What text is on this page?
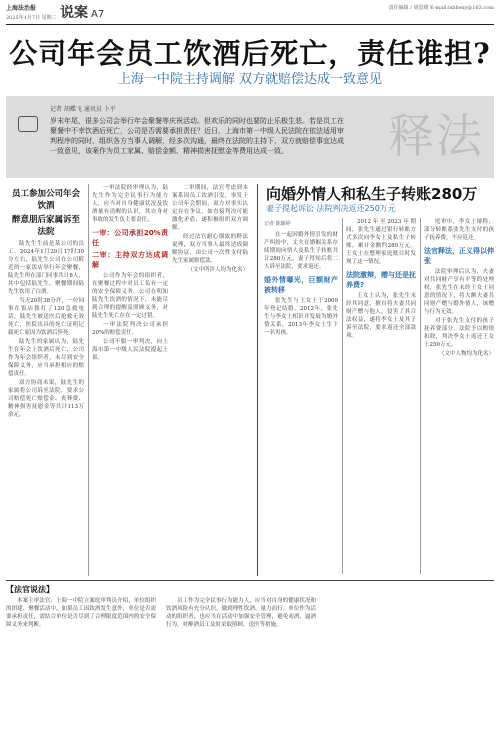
上海法治报
2025年1月7日 星期二 说案 A7
责任编辑 / 胡思绪 E-mail:lsbhexy@163.com
公司年会员工饮酒后死亡，责任谁担?
上海一中院主持调解 双方就赔偿达成一致意见
记者 胡蝶飞 通讯员 卜平
岁末年尾，很多公司会举行年会聚餐等庆祝活动。但欢乐的同时也要防止乐极生悲。若是员工在聚餐中不幸饮酒后死亡，公司是否需要承担责任？近日，上海市第一中级人民法院在依法适用审判程序的同时，组织各方当事人调解，经多次沟通，最终在法院的主持下，双方就赔偿事宜达成一致意见，该案作为员工家属、赔偿金额、精神损害抚慰金等费用达成一致。	释法
员工参加公司年会饮酒
醉意朋后家属诉至法院

陆先生生前是某公司的员工。2024年1月29日17时30分左右，陆先生公司在公司附近的一家饭店举行年会聚餐，陆先生所在部门同事共计8人，其中包括陆先生。聚餐期间陆先生饮用了白酒。

当天20时38分许，一位同事在饭店拨打了120急救电话。陆先生被送医后抢救无效死亡，医院出具的死亡证明记载死亡原因为饮酒后猝死。

陆先生的家属认为，陆先生在年会上饮酒后死亡，公司作为年会组织者，未尽到安全保障义务，应当承担相应的赔偿责任。

双方协商未果，陆先生的家属将公司诉至法院，要求公司赔偿死亡赔偿金、丧葬费、精神损害抚慰金等共计113万余元。

一审法院经审理认为，陆先生作为完全民事行为能力人，应当对自身健康状况及饮酒量有清醒的认识，其自身对事故的发生负主要责任。

一审：公司承担20%责任
二审：主持双方达成调解

公司作为年会的组织者，在聚餐过程中对员工负有一定的安全保障义务。公司在明知陆先生饮酒的情况下，未能尽到合理的提醒及照顾义务，对陆先生死亡存在一定过错。

一审法院判决公司承担20%的赔偿责任。

公司不服一审判决，向上海市第一中级人民法院提起上诉。

二审期间，法官考虑到本案系因员工饮酒引发，事发于公司年会期间，双方对事实认定存在争议，如直接判决可能激化矛盾，遂积极组织双方调解。

经过法官耐心细致的释法说理，双方当事人最终达成调解协议，由公司一次性支付陆先生家属赔偿款。

（文中所涉人均为化名）
向婚外情人和私生子转账280万
妻子提起诉讼 法院判决返还250万元
记者 陈颖婷

在一起因婚外情引发的财产纠纷中，丈夫在婚姻关系存续期间向情人及私生子转账共计280万元，妻子得知后将二人诉至法院，要求返还。

婚外情曝光，巨额财产被转移

张先生与王女士于2009年登记结婚。2012年，张先生与李女士相识并发展为婚外情关系，2013年李女士生下一名男孩。

2012年至2023年期间，张先生通过银行转账方式多次向李女士及私生子转账，累计金额约280万元。王女士在整理家庭账目时发现了这一情况。

法院激辩，赠与还是抚养费?

王女士认为，张先生未经其同意，擅自将夫妻共同财产赠与他人，侵害了其合法权益，遂将李女士及其子诉至法院，要求返还全部款项。

庭审中，李女士辩称，部分转账系张先生支付的孩子抚养费，不应返还。

法官释法，正义得以伸张

法院审理后认为，夫妻对共同财产享有平等的处理权，张先生在未经王女士同意的情况下，将大额夫妻共同财产赠与婚外情人，该赠与行为无效。

对于张先生支付的孩子抚养费部分，法院予以酌情扣除，判决李女士返还王女士250万元。

（文中人物均为化名）
【法官说法】

本案主审法官、上海一中院立案庭审判员介绍，单位组织的团建、聚餐活动中，如果员工因饮酒发生意外，单位是否需要承担责任，需结合单位是否尽到了合理限度范围内的安全保障义务来判断。

员工作为完全民事行为能力人，应当对自身的健康状况和饮酒风险有充分认识，做到理性饮酒、量力而行。单位作为活动的组织者，也应当在活动中加强安全管理，避免劝酒、逼酒行为，对醉酒员工及时采取照顾、送医等措施。
